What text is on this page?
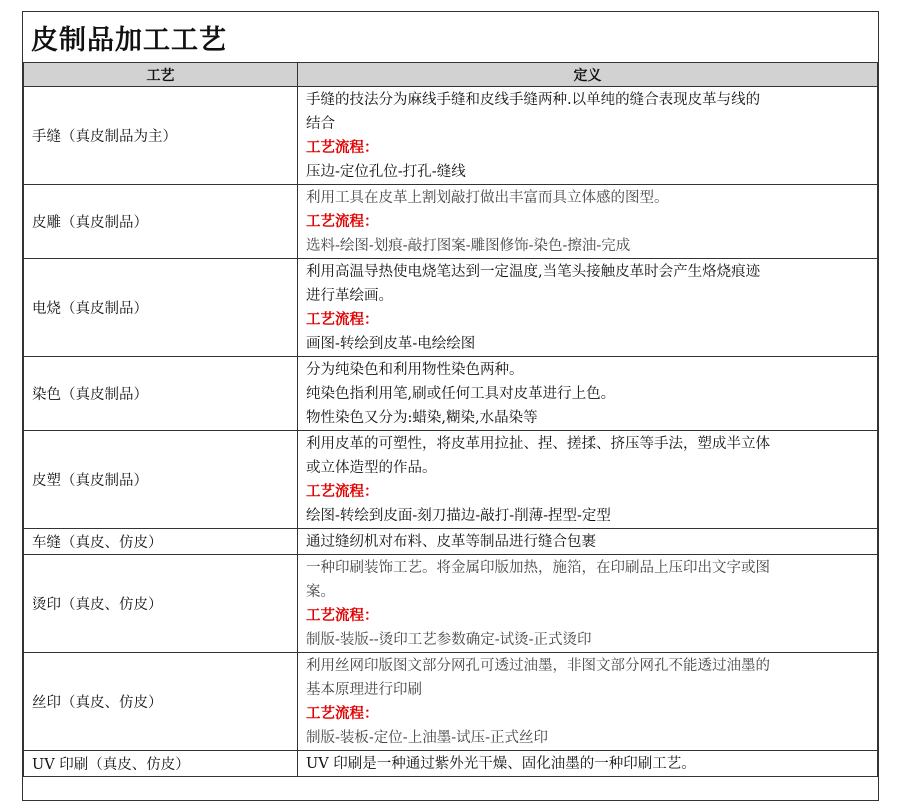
皮制品加工工艺
工艺	定义
手缝（真皮制品为主）	手缝的技法分为麻线手缝和皮线手缝两种.以单纯的缝合表现皮革与线的
结合
工艺流程：
压边-定位孔位-打孔-缝线

皮雕（真皮制品）	利用工具在皮革上割划敲打做出丰富而具立体感的图型。
工艺流程：
选料-绘图-划痕-敲打图案-雕图修饰-染色-擦油-完成

电烧（真皮制品）	利用高温导热使电烧笔达到一定温度,当笔头接触皮革时会产生烙烧痕迹
进行革绘画。
工艺流程：
画图-转绘到皮革-电绘绘图

染色（真皮制品）	分为纯染色和利用物性染色两种。
纯染色指利用笔,刷或任何工具对皮革进行上色。
物性染色又分为:蜡染,糊染,水晶染等

皮塑（真皮制品）	利用皮革的可塑性，将皮革用拉扯、捏、搓揉、挤压等手法，塑成半立体
或立体造型的作品。
工艺流程：
绘图-转绘到皮面-刻刀描边-敲打-削薄-捏型-定型

车缝（真皮、仿皮）	通过缝纫机对布料、皮革等制品进行缝合包裹

烫印（真皮、仿皮）	一种印刷装饰工艺。将金属印版加热，施箔，在印刷品上压印出文字或图
案。
工艺流程：
制版-装版--烫印工艺参数确定-试烫-正式烫印

丝印（真皮、仿皮）	利用丝网印版图文部分网孔可透过油墨，非图文部分网孔不能透过油墨的
基本原理进行印刷
工艺流程：
制版-装板-定位-上油墨-试压-正式丝印

UV 印刷（真皮、仿皮）	UV 印刷是一种通过紫外光干燥、固化油墨的一种印刷工艺。
